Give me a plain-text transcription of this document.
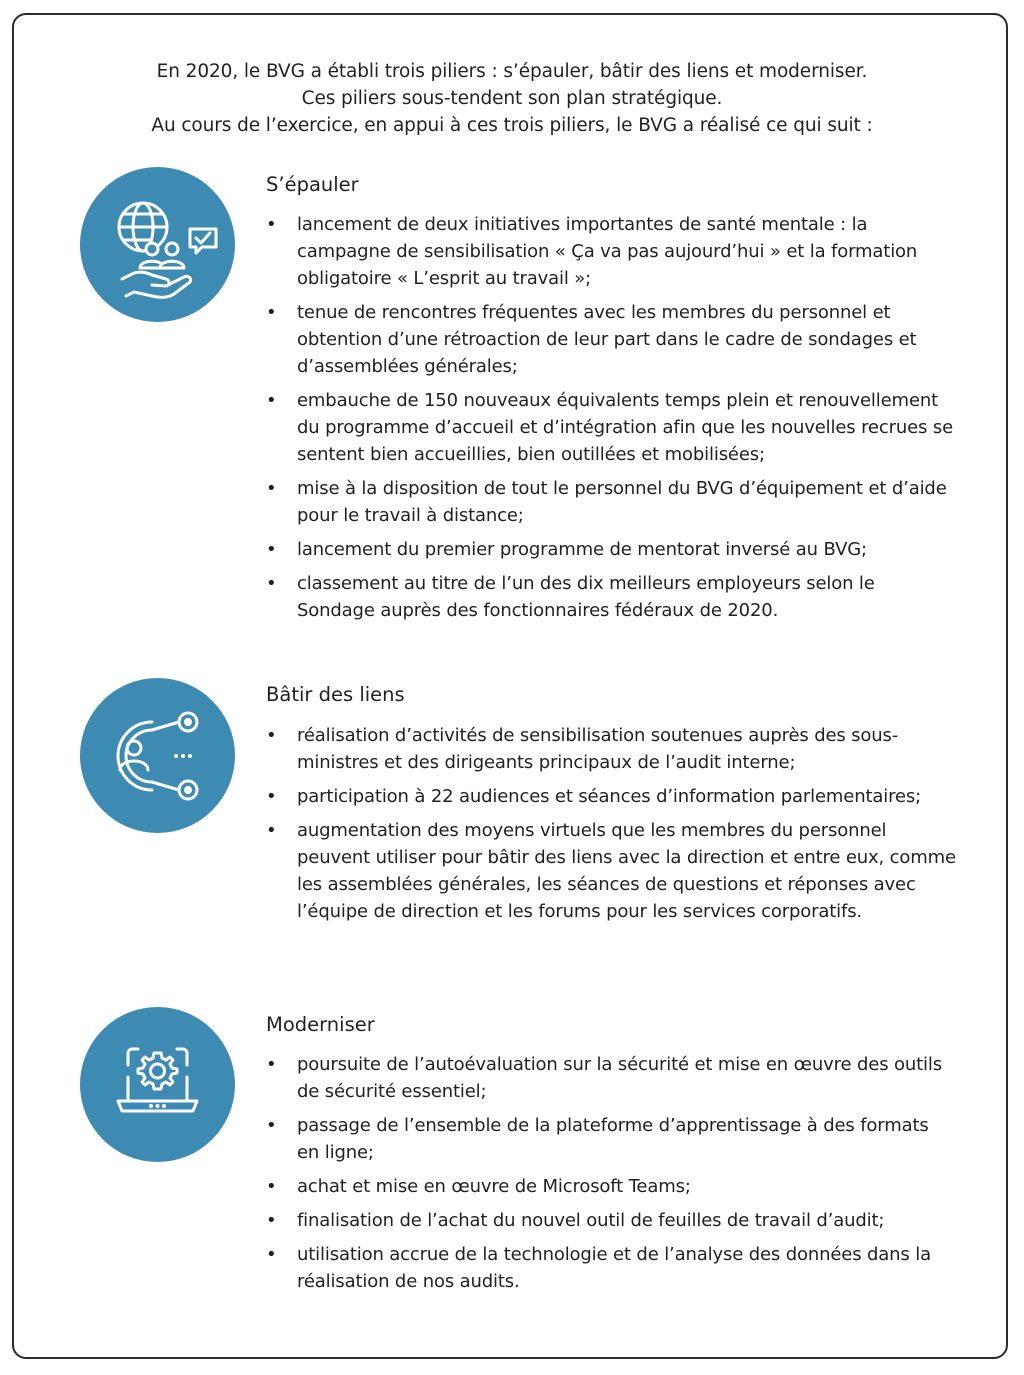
En 2020, le BVG a établi trois piliers : s’épauler, bâtir des liens et moderniser.
Ces piliers sous-tendent son plan stratégique.
Au cours de l’exercice, en appui à ces trois piliers, le BVG a réalisé ce qui suit :
S’épauler
• lancement de deux initiatives importantes de santé mentale : la campagne de sensibilisation « Ça va pas aujourd’hui » et la formation obligatoire « L’esprit au travail »;
• tenue de rencontres fréquentes avec les membres du personnel et obtention d’une rétroaction de leur part dans le cadre de sondages et d’assemblées générales;
• embauche de 150 nouveaux équivalents temps plein et renouvellement du programme d’accueil et d’intégration afin que les nouvelles recrues se sentent bien accueillies, bien outillées et mobilisées;
• mise à la disposition de tout le personnel du BVG d’équipement et d’aide pour le travail à distance;
• lancement du premier programme de mentorat inversé au BVG;
• classement au titre de l’un des dix meilleurs employeurs selon le Sondage auprès des fonctionnaires fédéraux de 2020.
Bâtir des liens
• réalisation d’activités de sensibilisation soutenues auprès des sous-ministres et des dirigeants principaux de l’audit interne;
• participation à 22 audiences et séances d’information parlementaires;
• augmentation des moyens virtuels que les membres du personnel peuvent utiliser pour bâtir des liens avec la direction et entre eux, comme les assemblées générales, les séances de questions et réponses avec l’équipe de direction et les forums pour les services corporatifs.
Moderniser
• poursuite de l’autoévaluation sur la sécurité et mise en œuvre des outils de sécurité essentiel;
• passage de l’ensemble de la plateforme d’apprentissage à des formats en ligne;
• achat et mise en œuvre de Microsoft Teams;
• finalisation de l’achat du nouvel outil de feuilles de travail d’audit;
• utilisation accrue de la technologie et de l’analyse des données dans la réalisation de nos audits.
